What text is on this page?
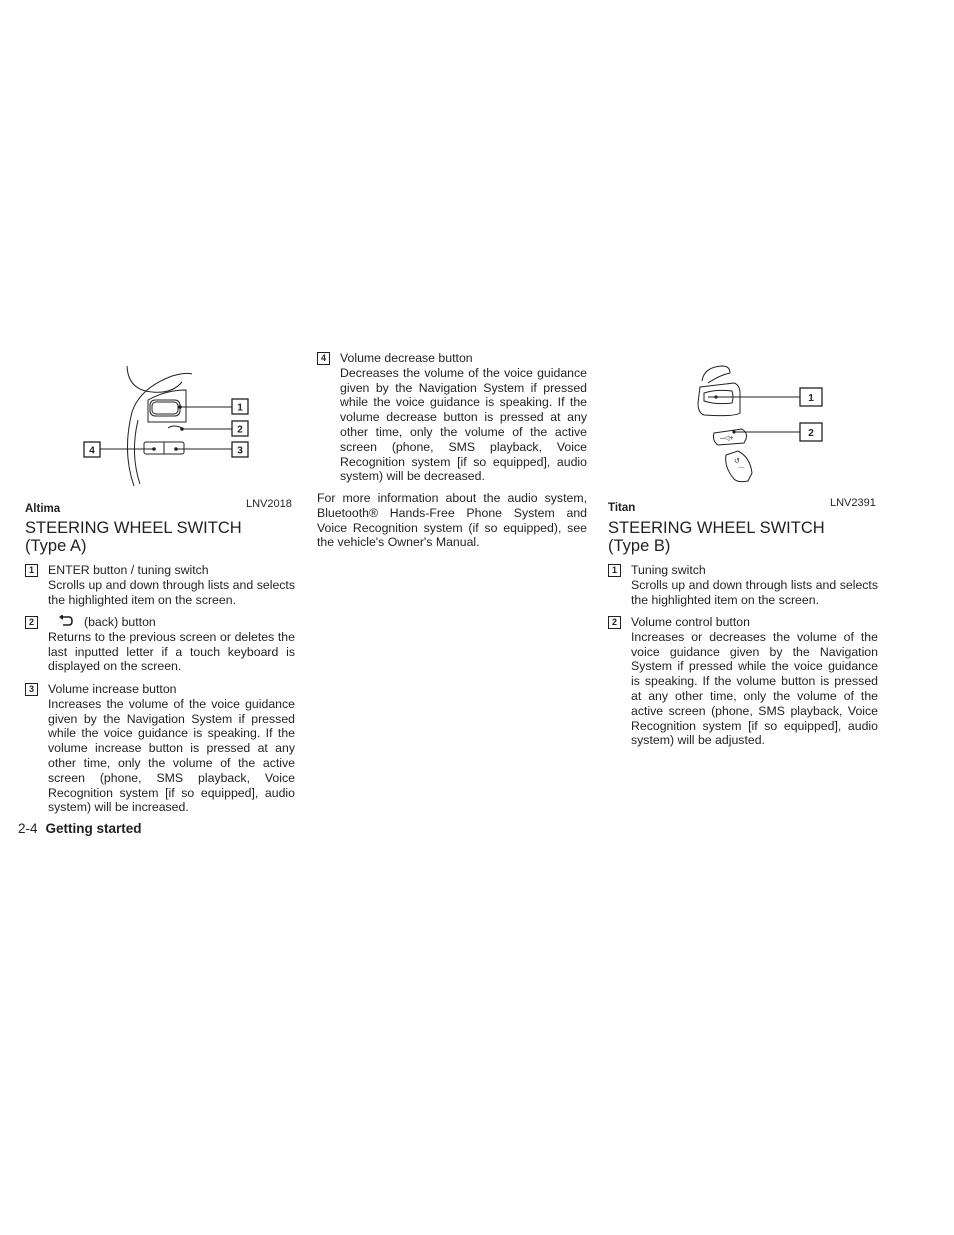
1
2
3
4
Altima	LNV2018
STEERING WHEEL SWITCH
(Type A)
1	ENTER button / tuning switch
Scrolls up and down through lists and selects the highlighted item on the screen.
2	(back) button
Returns to the previous screen or deletes the last inputted letter if a touch keyboard is displayed on the screen.
3	Volume increase button
Increases the volume of the voice guidance given by the Navigation System if pressed while the voice guidance is speaking. If the volume increase button is pressed at any other time, only the volume of the active screen (phone, SMS playback, Voice Recognition system [if so equipped], audio system) will be increased.
4	Volume decrease button
Decreases the volume of the voice guidance given by the Navigation System if pressed while the voice guidance is speaking. If the volume decrease button is pressed at any other time, only the volume of the active screen (phone, SMS playback, Voice Recognition system [if so equipped], audio system) will be decreased.
For more information about the audio system, Bluetooth® Hands-Free Phone System and Voice Recognition system (if so equipped), see the vehicle's Owner's Manual.
–◁+
↺
⌒
1
2
Titan	LNV2391
STEERING WHEEL SWITCH
(Type B)
1	Tuning switch
Scrolls up and down through lists and selects the highlighted item on the screen.
2	Volume control button
Increases or decreases the volume of the voice guidance given by the Navigation System if pressed while the voice guidance is speaking. If the volume button is pressed at any other time, only the volume of the active screen (phone, SMS playback, Voice Recognition system [if so equipped], audio system) will be adjusted.
2-4 Getting started
